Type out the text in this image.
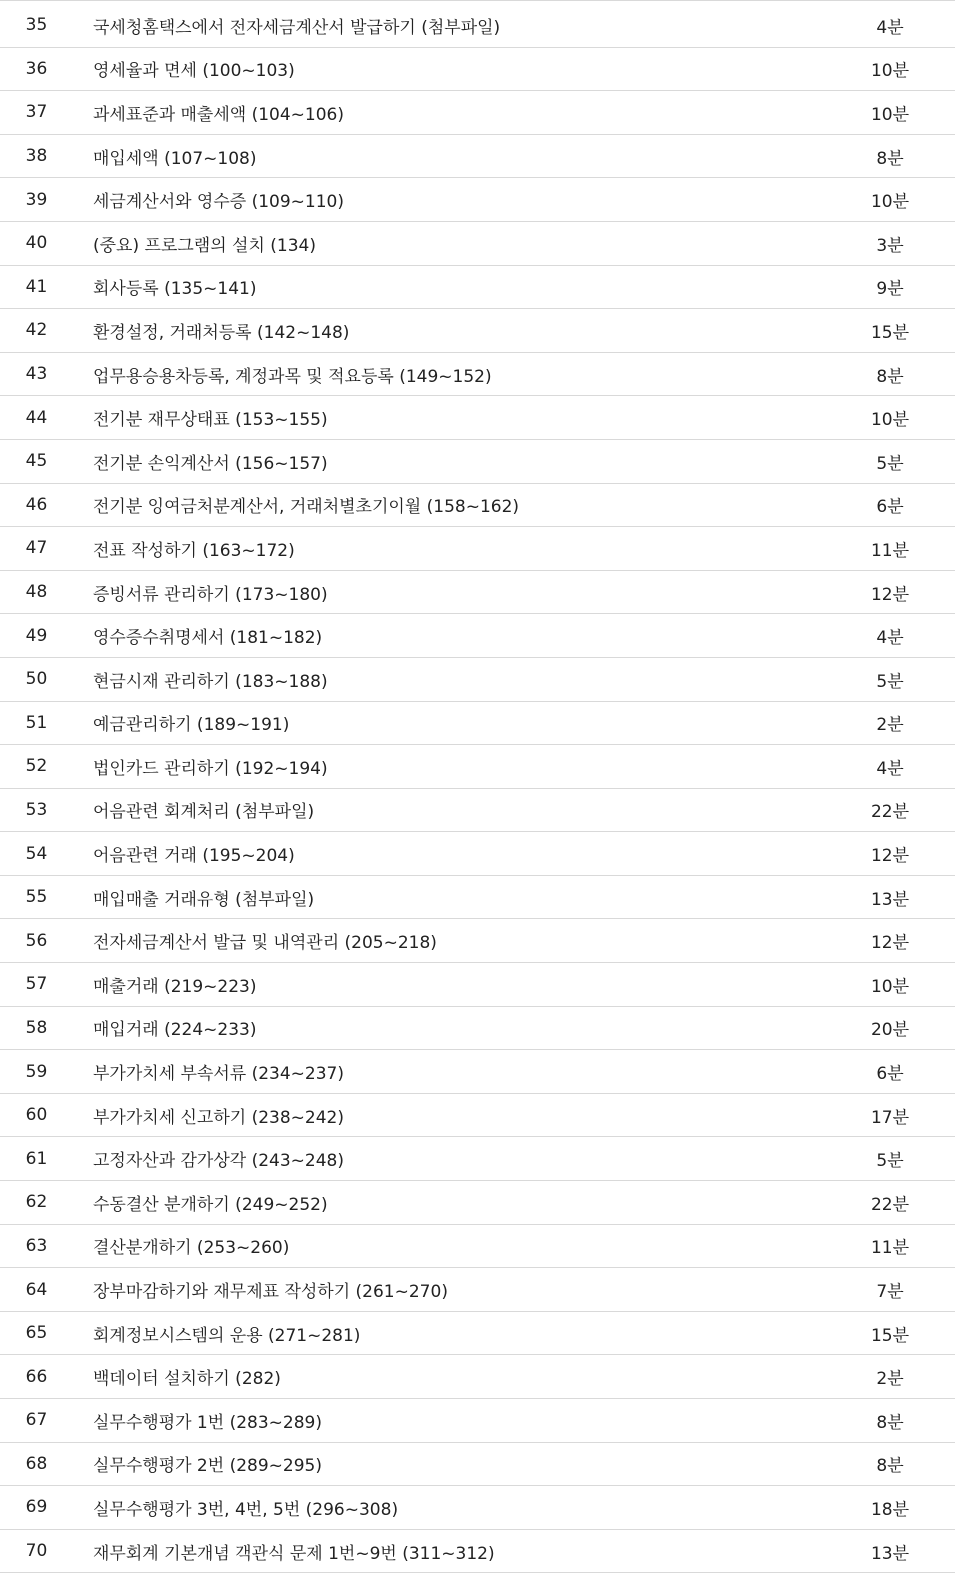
35	국세청홈택스에서 전자세금계산서 발급하기 (첨부파일)	4분
36	영세율과 면세 (100~103)	10분
37	과세표준과 매출세액 (104~106)	10분
38	매입세액 (107~108)	8분
39	세금계산서와 영수증 (109~110)	10분
40	(중요) 프로그램의 설치 (134)	3분
41	회사등록 (135~141)	9분
42	환경설정, 거래처등록 (142~148)	15분
43	업무용승용차등록, 계정과목 및 적요등록 (149~152)	8분
44	전기분 재무상태표 (153~155)	10분
45	전기분 손익계산서 (156~157)	5분
46	전기분 잉여금처분계산서, 거래처별초기이월 (158~162)	6분
47	전표 작성하기 (163~172)	11분
48	증빙서류 관리하기 (173~180)	12분
49	영수증수취명세서 (181~182)	4분
50	현금시재 관리하기 (183~188)	5분
51	예금관리하기 (189~191)	2분
52	법인카드 관리하기 (192~194)	4분
53	어음관련 회계처리 (첨부파일)	22분
54	어음관련 거래 (195~204)	12분
55	매입매출 거래유형 (첨부파일)	13분
56	전자세금계산서 발급 및 내역관리 (205~218)	12분
57	매출거래 (219~223)	10분
58	매입거래 (224~233)	20분
59	부가가치세 부속서류 (234~237)	6분
60	부가가치세 신고하기 (238~242)	17분
61	고정자산과 감가상각 (243~248)	5분
62	수동결산 분개하기 (249~252)	22분
63	결산분개하기 (253~260)	11분
64	장부마감하기와 재무제표 작성하기 (261~270)	7분
65	회계정보시스템의 운용 (271~281)	15분
66	백데이터 설치하기 (282)	2분
67	실무수행평가 1번 (283~289)	8분
68	실무수행평가 2번 (289~295)	8분
69	실무수행평가 3번, 4번, 5번 (296~308)	18분
70	재무회계 기본개념 객관식 문제 1번~9번 (311~312)	13분
